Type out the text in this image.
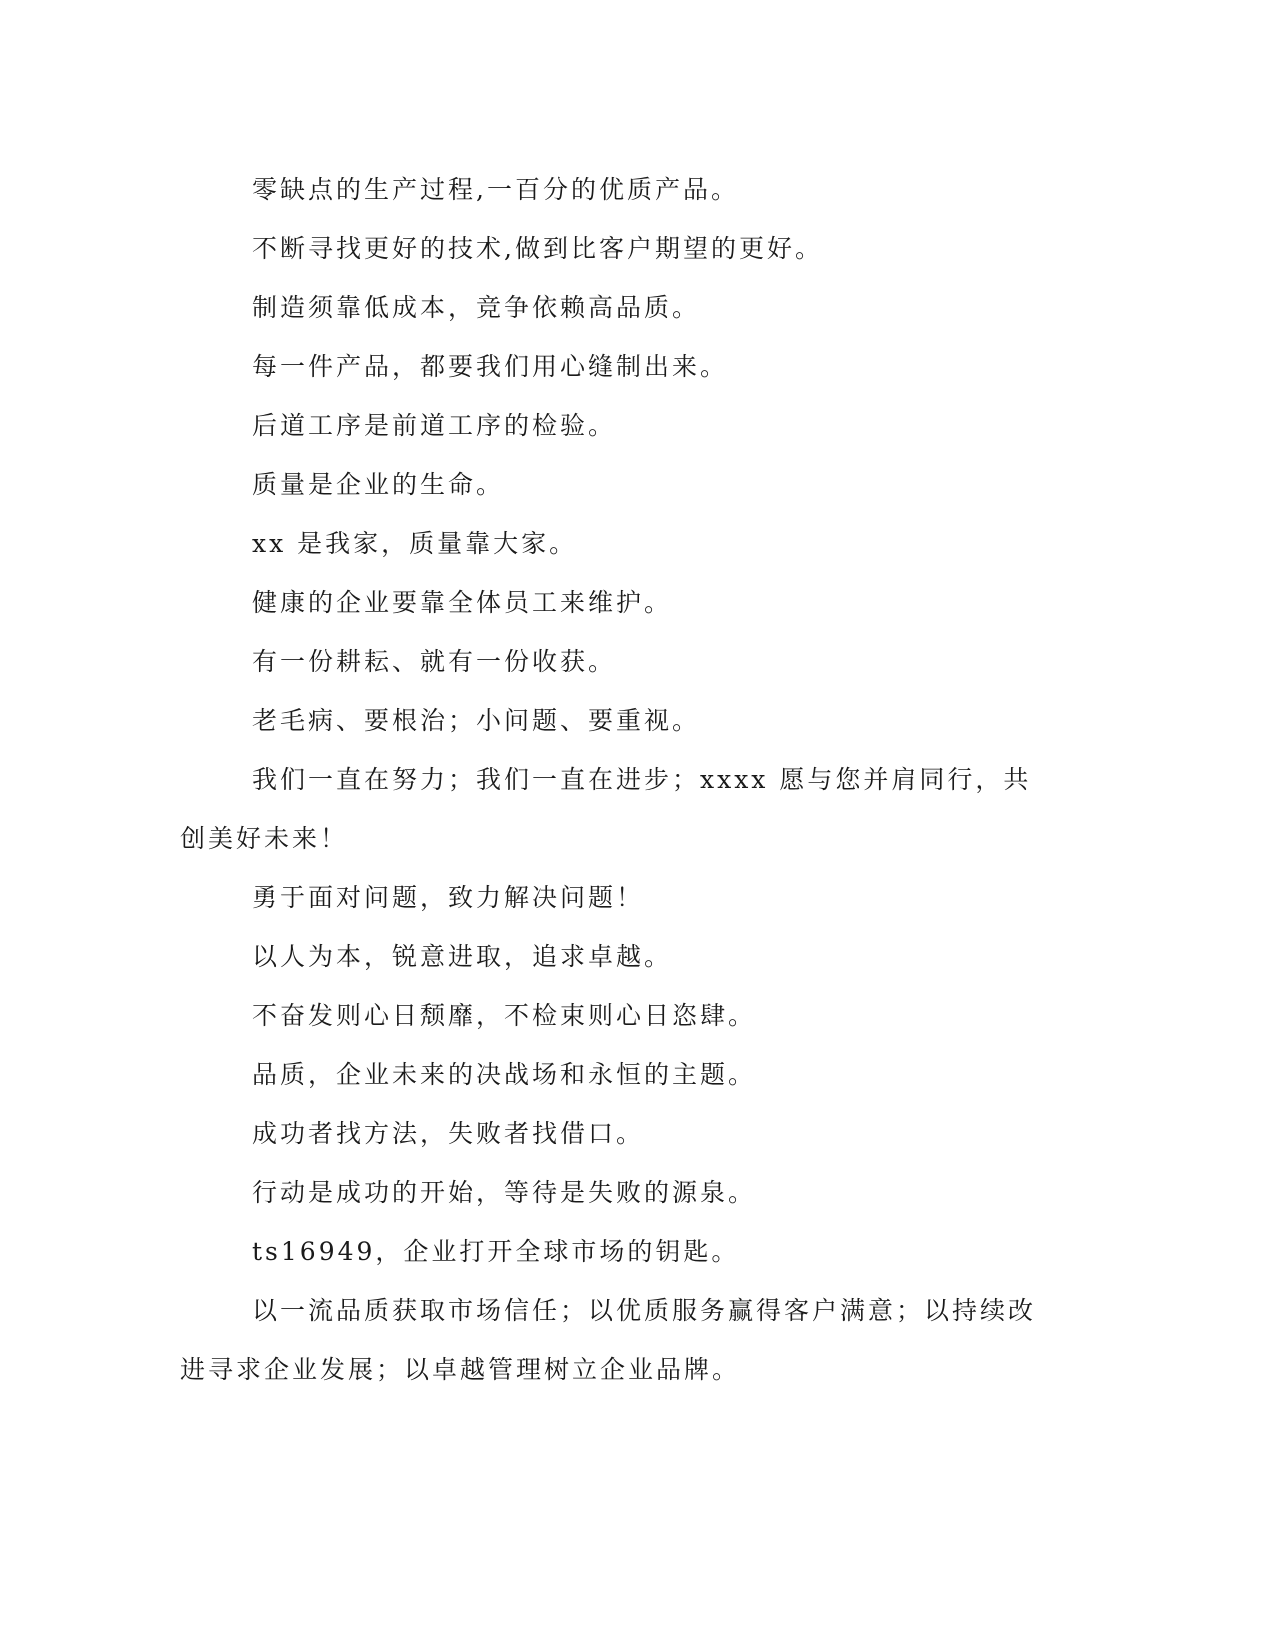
零缺点的生产过程,一百分的优质产品。

不断寻找更好的技术,做到比客户期望的更好。

制造须靠低成本，竞争依赖高品质。

每一件产品，都要我们用心缝制出来。

后道工序是前道工序的检验。

质量是企业的生命。

xx 是我家，质量靠大家。

健康的企业要靠全体员工来维护。

有一份耕耘、就有一份收获。

老毛病、要根治；小问题、要重视。

我们一直在努力；我们一直在进步；xxxx 愿与您并肩同行，共创美好未来！

勇于面对问题，致力解决问题！

以人为本，锐意进取，追求卓越。

不奋发则心日颓靡，不检束则心日恣肆。

品质，企业未来的决战场和永恒的主题。

成功者找方法，失败者找借口。

行动是成功的开始，等待是失败的源泉。

ts16949，企业打开全球市场的钥匙。

以一流品质获取市场信任；以优质服务赢得客户满意；以持续改进寻求企业发展；以卓越管理树立企业品牌。
